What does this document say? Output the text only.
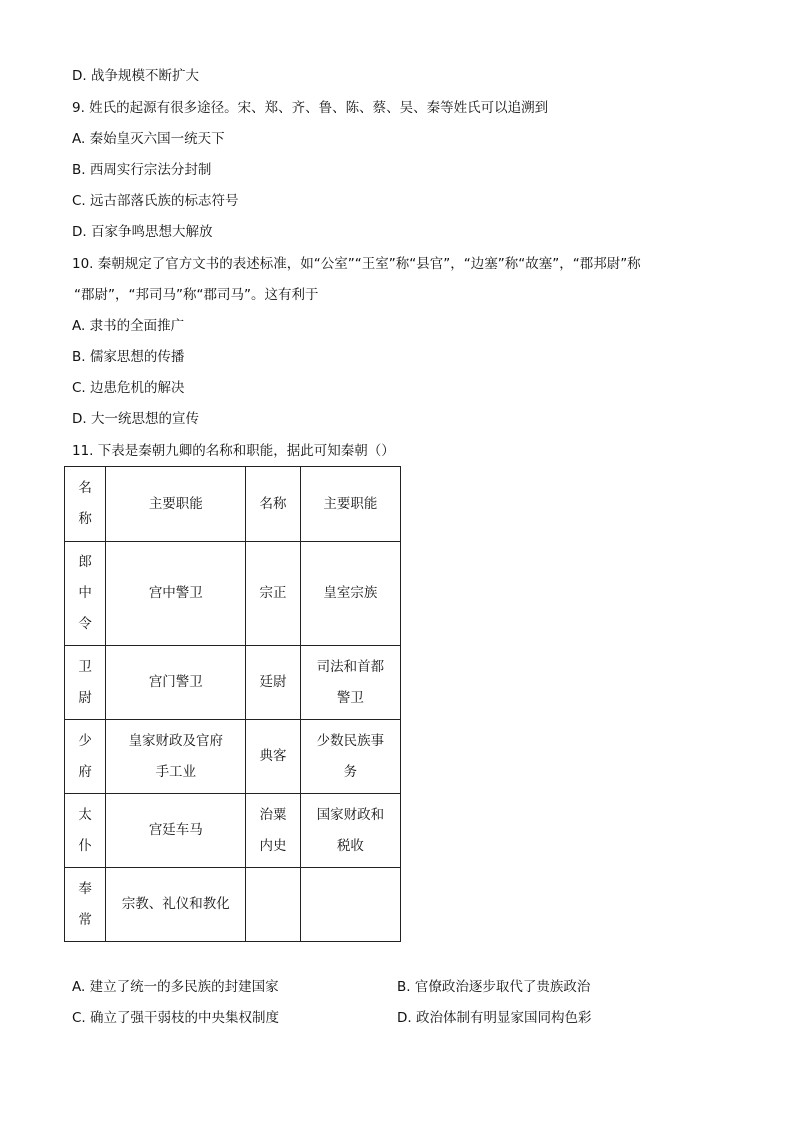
D. 战争规模不断扩大
9. 姓氏的起源有很多途径。宋、郑、齐、鲁、陈、蔡、吴、秦等姓氏可以追溯到
A. 秦始皇灭六国一统天下
B. 西周实行宗法分封制
C. 远古部落氏族的标志符号
D. 百家争鸣思想大解放
10. 秦朝规定了官方文书的表述标准，如“公室”“王室”称“县官”，“边塞”称“故塞”，“郡邦尉”称
“郡尉”，“邦司马”称“郡司马”。这有利于
A. 隶书的全面推广
B. 儒家思想的传播
C. 边患危机的解决
D. 大一统思想的宣传
11. 下表是秦朝九卿的名称和职能，据此可知秦朝（）
名称	主要职能	名称	主要职能
郎中令	宫中警卫	宗正	皇室宗族
卫尉	宫门警卫	廷尉	司法和首都警卫
少府	皇家财政及官府手工业	典客	少数民族事务
太仆	宫廷车马	治粟内史	国家财政和税收
奉常	宗教、礼仪和教化		
A. 建立了统一的多民族的封建国家	B. 官僚政治逐步取代了贵族政治
C. 确立了强干弱枝的中央集权制度	D. 政治体制有明显家国同构色彩
